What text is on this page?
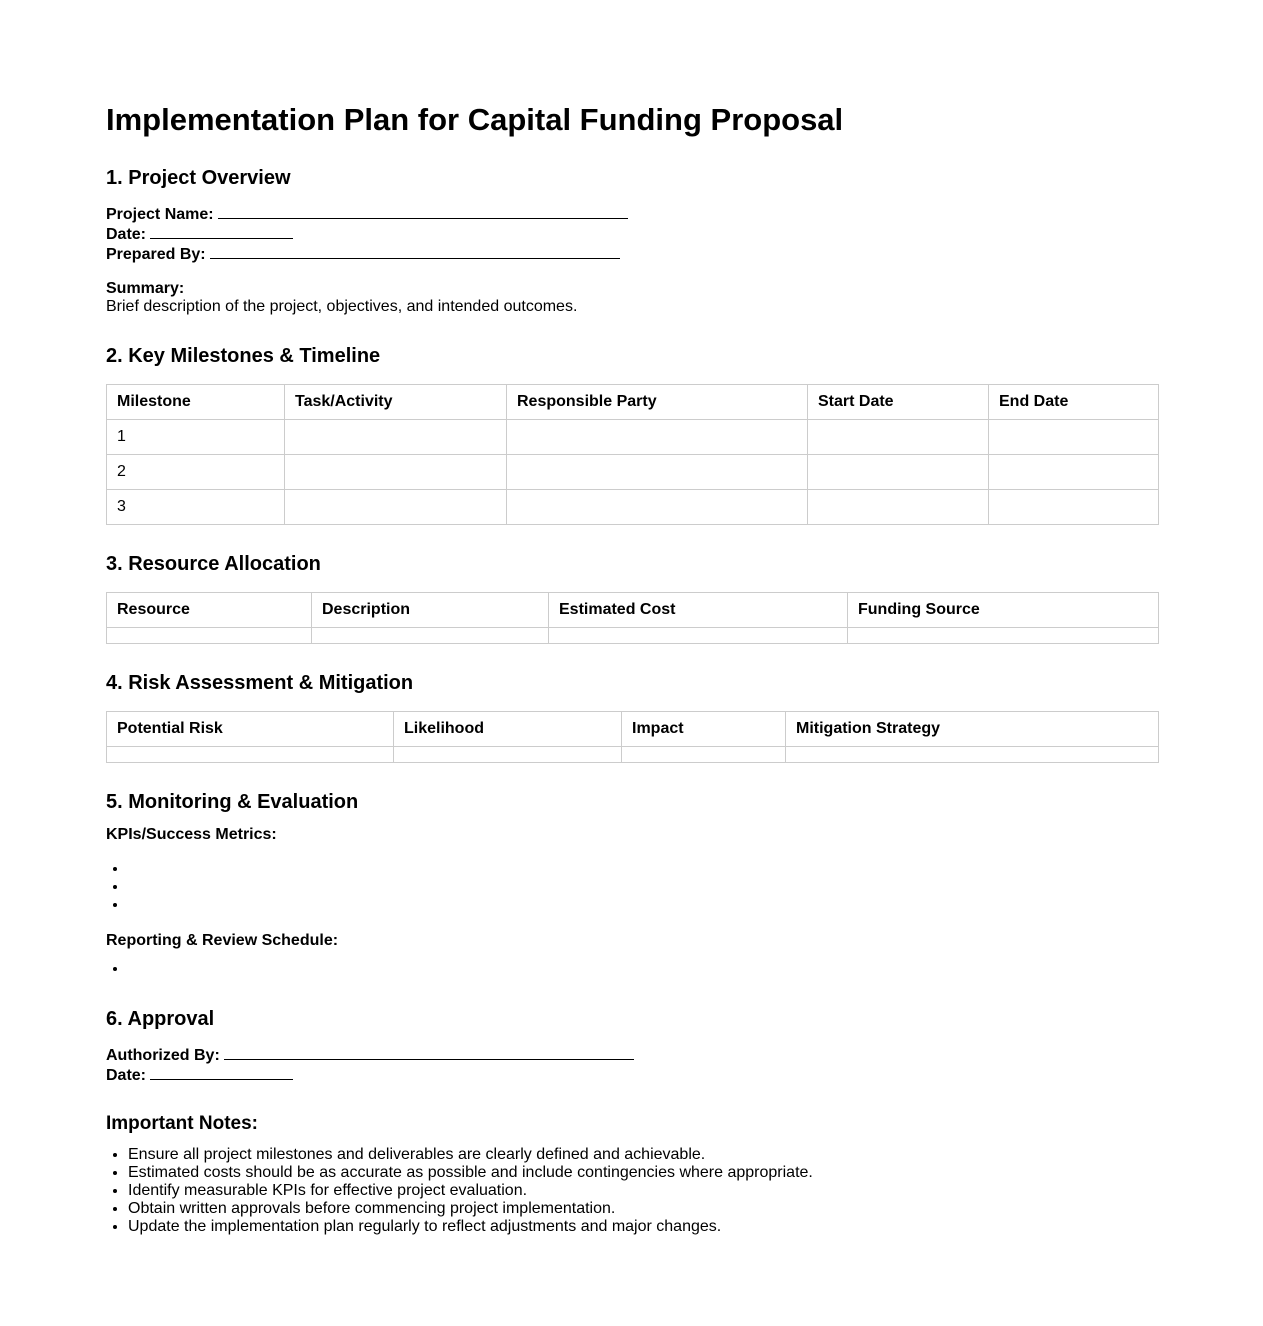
Implementation Plan for Capital Funding Proposal
1. Project Overview
Project Name:
Date:
Prepared By:
Summary:
Brief description of the project, objectives, and intended outcomes.
2. Key Milestones & Timeline
Milestone	Task/Activity	Responsible Party	Start Date	End Date
1				
2				
3				
3. Resource Allocation
Resource	Description	Estimated Cost	Funding Source

4. Risk Assessment & Mitigation
Potential Risk	Likelihood	Impact	Mitigation Strategy

5. Monitoring & Evaluation
KPIs/Success Metrics:
•
•
•
Reporting & Review Schedule:
•
6. Approval
Authorized By:
Date:
Important Notes:
• Ensure all project milestones and deliverables are clearly defined and achievable.
• Estimated costs should be as accurate as possible and include contingencies where appropriate.
• Identify measurable KPIs for effective project evaluation.
• Obtain written approvals before commencing project implementation.
• Update the implementation plan regularly to reflect adjustments and major changes.
